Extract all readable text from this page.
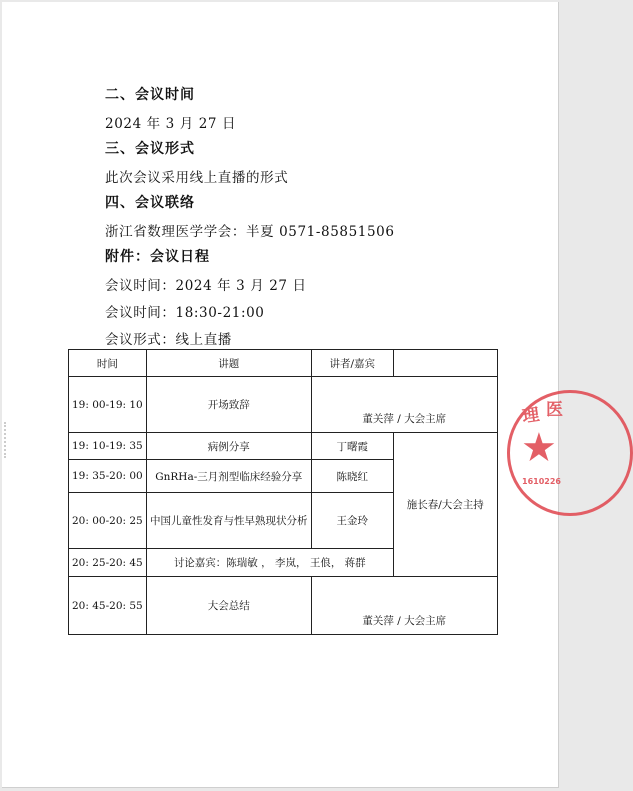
二、会议时间
2024 年 3 月 27 日
三、会议形式
此次会议采用线上直播的形式
四、会议联络
浙江省数理医学学会：半夏 0571-85851506
附件：会议日程
会议时间：2024 年 3 月 27 日
会议时间：18:30-21:00
会议形式：线上直播
时间	讲题	讲者/嘉宾	
19: 00-19: 10	开场致辞	董关萍 / 大会主席	
19: 10-19: 35	病例分享	丁曙霞	施长春/大会主持
19: 35-20: 00	GnRHa-三月剂型临床经验分享	陈晓红	
20: 00-20: 25	中国儿童性发育与性早熟现状分析	王金玲	
20: 25-20: 45	讨论嘉宾：陈瑞敏 ， 李岚， 王俍， 蒋群		
20: 45-20: 55	大会总结	董关萍 / 大会主席	
理 医
★
1610226
